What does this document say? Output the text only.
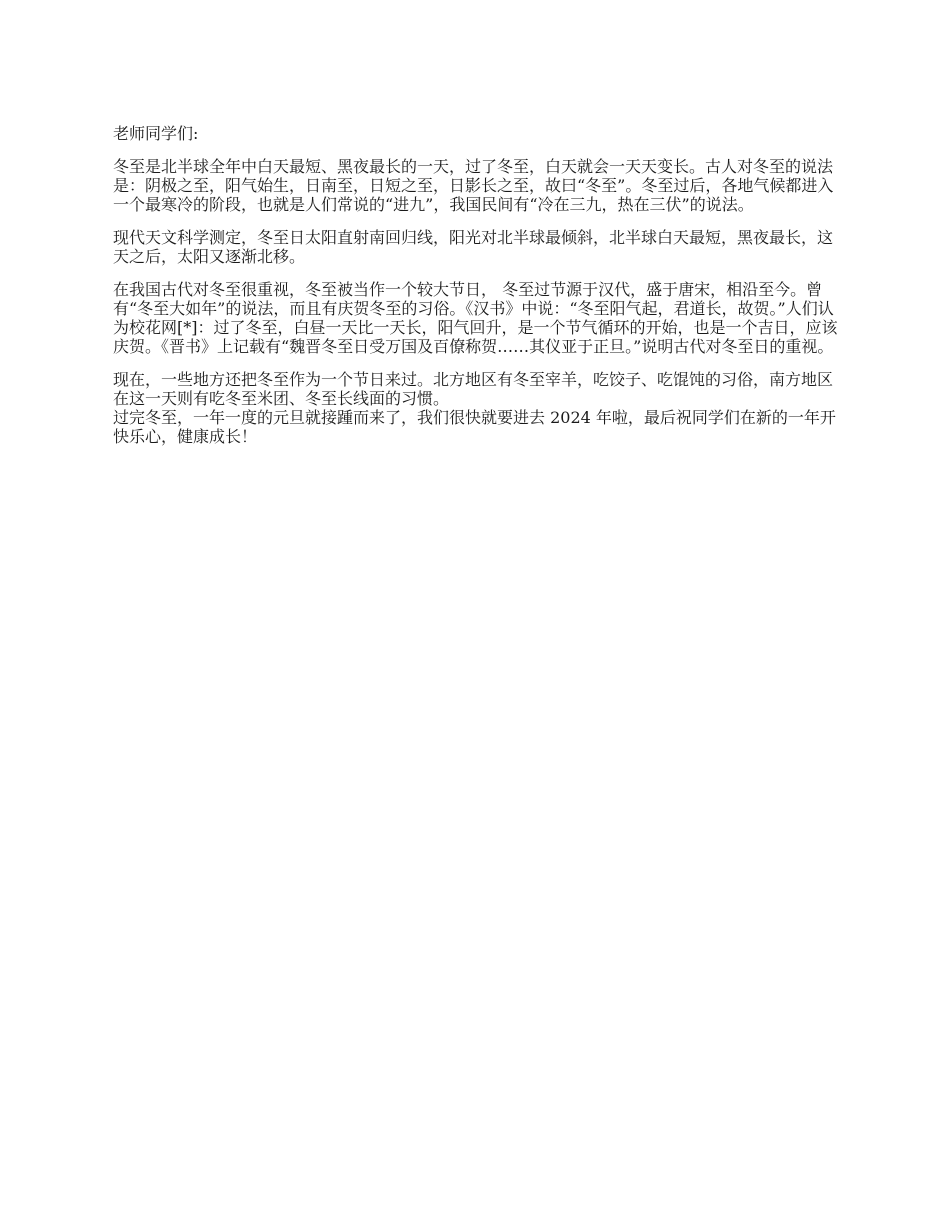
老师同学们:

冬至是北半球全年中白天最短、黑夜最长的一天，过了冬至，白天就会一天天变长。古人对冬至的说法是：阴极之至，阳气始生，日南至，日短之至，日影长之至，故曰“冬至”。冬至过后，各地气候都进入一个最寒冷的阶段，也就是人们常说的“进九”，我国民间有“冷在三九，热在三伏”的说法。

现代天文科学测定，冬至日太阳直射南回归线，阳光对北半球最倾斜，北半球白天最短，黑夜最长，这天之后，太阳又逐渐北移。

在我国古代对冬至很重视，冬至被当作一个较大节日， 冬至过节源于汉代，盛于唐宋，相沿至今。曾有“冬至大如年”的说法，而且有庆贺冬至的习俗。《汉书》中说：“冬至阳气起，君道长，故贺。”人们认为校花网[*]：过了冬至，白昼一天比一天长，阳气回升，是一个节气循环的开始，也是一个吉日，应该庆贺。《晋书》上记载有“魏晋冬至日受万国及百僚称贺……其仪亚于正旦。”说明古代对冬至日的重视。

现在，一些地方还把冬至作为一个节日来过。北方地区有冬至宰羊，吃饺子、吃馄饨的习俗，南方地区在这一天则有吃冬至米团、冬至长线面的习惯。

过完冬至，一年一度的元旦就接踵而来了，我们很快就要进去 2024 年啦，最后祝同学们在新的一年开快乐心，健康成长！
